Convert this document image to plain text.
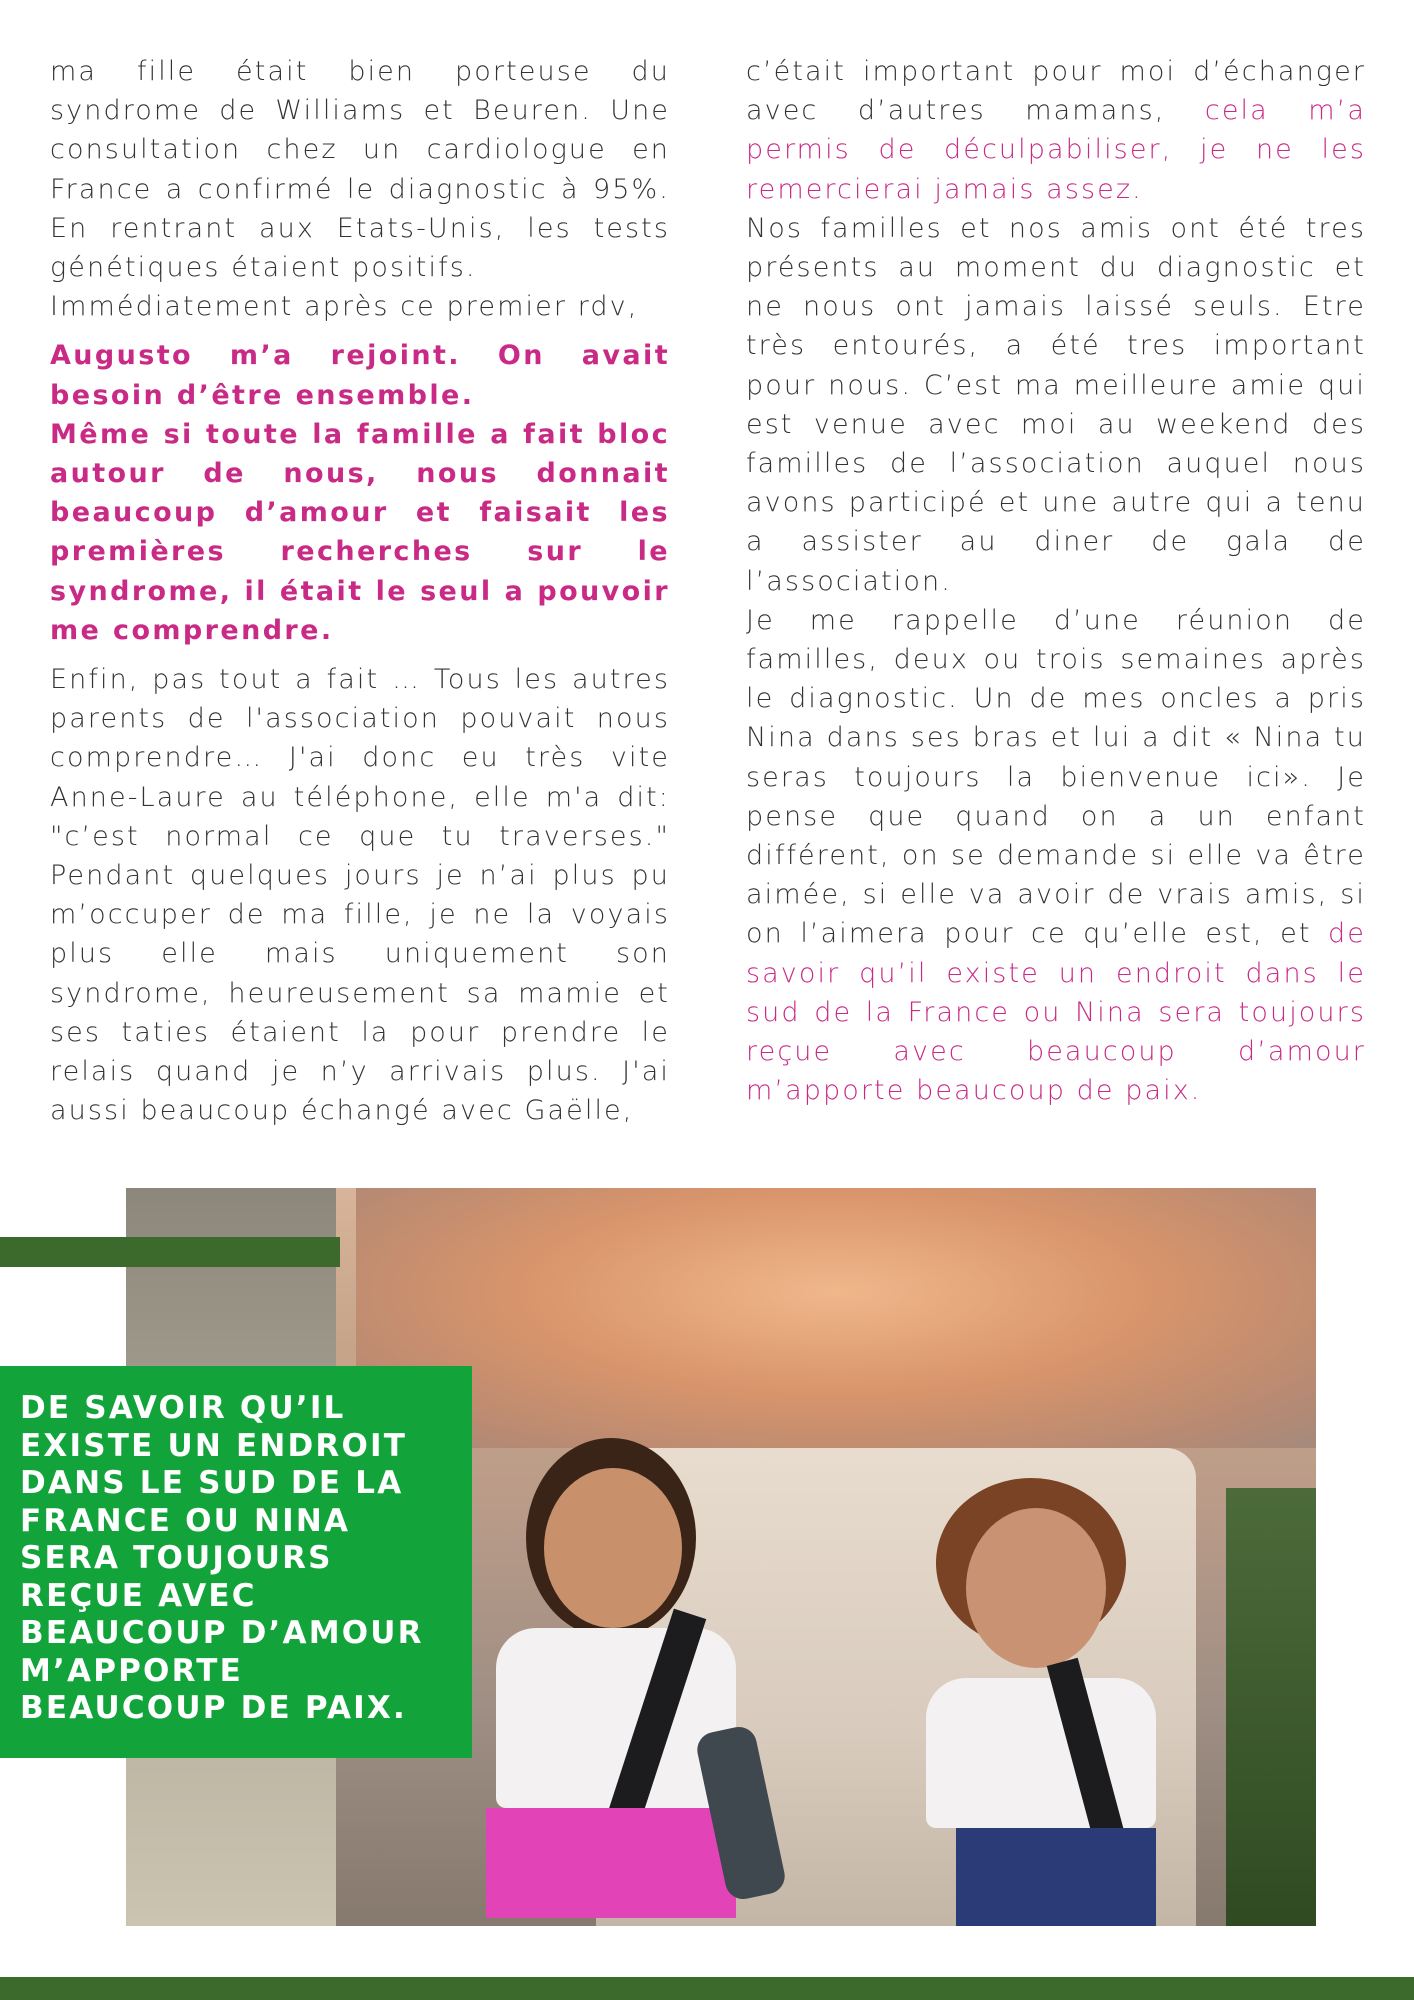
ma fille était bien porteuse du syndrome de Williams et Beuren. Une consultation chez un cardiologue en France a confirmé le diagnostic à 95%. En rentrant aux Etats-Unis, les tests génétiques étaient positifs.

Immédiatement après ce premier rdv,

Augusto m’a rejoint. On avait besoin d’être ensemble.

Même si toute la famille a fait bloc autour de nous, nous donnait beaucoup d’amour et faisait les premières recherches sur le syndrome, il était le seul a pouvoir me comprendre.

Enfin, pas tout a fait … Tous les autres parents de l'association pouvait nous comprendre… J'ai donc eu très vite Anne-Laure au téléphone, elle m'a dit: "c’est normal ce que tu traverses." Pendant quelques jours je n’ai plus pu m’occuper de ma fille, je ne la voyais plus elle mais uniquement son syndrome, heureusement sa mamie et ses taties étaient la pour prendre le relais quand je n’y arrivais plus. J'ai aussi beaucoup échangé avec Gaëlle,

c’était important pour moi d’échanger avec d’autres mamans, cela m’a permis de déculpabiliser, je ne les remercierai jamais assez.

Nos familles et nos amis ont été tres présents au moment du diagnostic et ne nous ont jamais laissé seuls. Etre très entourés, a été tres important pour nous. C’est ma meilleure amie qui est venue avec moi au weekend des familles de l’association auquel nous avons participé et une autre qui a tenu a assister au diner de gala de l’association.

Je me rappelle d’une réunion de familles, deux ou trois semaines après le diagnostic. Un de mes oncles a pris Nina dans ses bras et lui a dit « Nina tu seras toujours la bienvenue ici». Je pense que quand on a un enfant différent, on se demande si elle va être aimée, si elle va avoir de vrais amis, si on l’aimera pour ce qu’elle est, et de savoir qu’il existe un endroit dans le sud de la France ou Nina sera toujours reçue avec beaucoup d’amour m’apporte beaucoup de paix.

DE SAVOIR QU’IL EXISTE UN ENDROIT DANS LE SUD DE LA FRANCE OU NINA SERA TOUJOURS REÇUE AVEC BEAUCOUP D’AMOUR M’APPORTE BEAUCOUP DE PAIX.
